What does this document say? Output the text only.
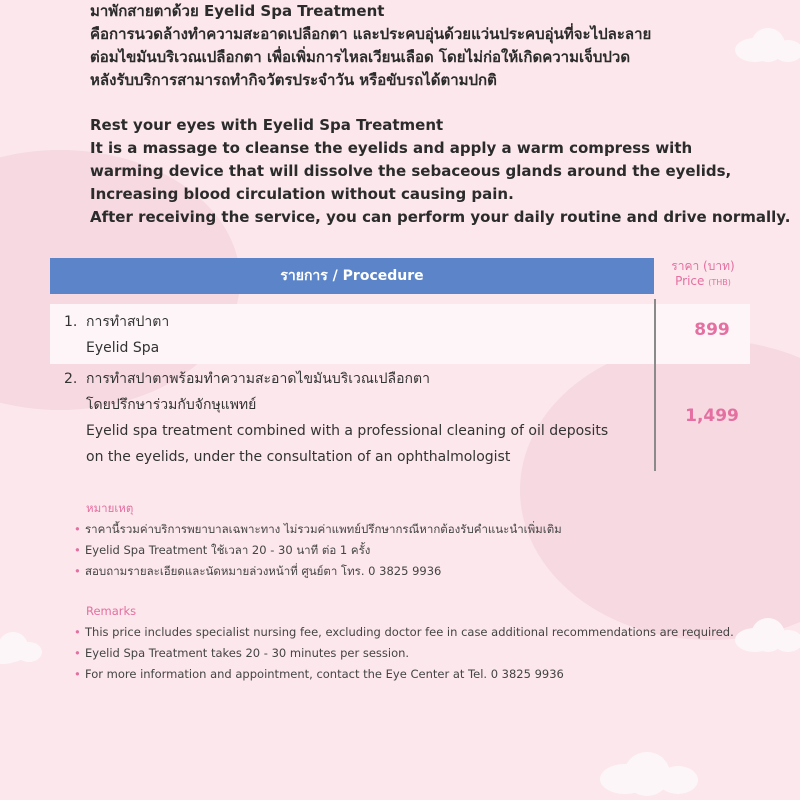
มาพักสายตาด้วย Eyelid Spa Treatment
คือการนวดล้างทำความสะอาดเปลือกตา และประคบอุ่นด้วยแว่นประคบอุ่นที่จะไปละลาย
ต่อมไขมันบริเวณเปลือกตา เพื่อเพิ่มการไหลเวียนเลือด โดยไม่ก่อให้เกิดความเจ็บปวด
หลังรับบริการสามารถทำกิจวัตรประจำวัน หรือขับรถได้ตามปกติ
Rest your eyes with Eyelid Spa Treatment
It is a massage to cleanse the eyelids and apply a warm compress with
warming device that will dissolve the sebaceous glands around the eyelids,
Increasing blood circulation without causing pain.
After receiving the service, you can perform your daily routine and drive normally.
รายการ / Procedure
ราคา (บาท)
Price (THB)
1. การทำสปาตา
Eyelid Spa
899
2. การทำสปาตาพร้อมทำความสะอาดไขมันบริเวณเปลือกตา
โดยปรึกษาร่วมกับจักษุแพทย์
Eyelid spa treatment combined with a professional cleaning of oil deposits
on the eyelids, under the consultation of an ophthalmologist
1,499
หมายเหตุ
• ราคานี้รวมค่าบริการพยาบาลเฉพาะทาง ไม่รวมค่าแพทย์ปรึกษากรณีหากต้องรับคำแนะนำเพิ่มเติม
• Eyelid Spa Treatment ใช้เวลา 20 - 30 นาที ต่อ 1 ครั้ง
• สอบถามรายละเอียดและนัดหมายล่วงหน้าที่ ศูนย์ตา โทร. 0 3825 9936
Remarks
• This price includes specialist nursing fee, excluding doctor fee in case additional recommendations are required.
• Eyelid Spa Treatment takes 20 - 30 minutes per session.
• For more information and appointment, contact the Eye Center at Tel. 0 3825 9936
